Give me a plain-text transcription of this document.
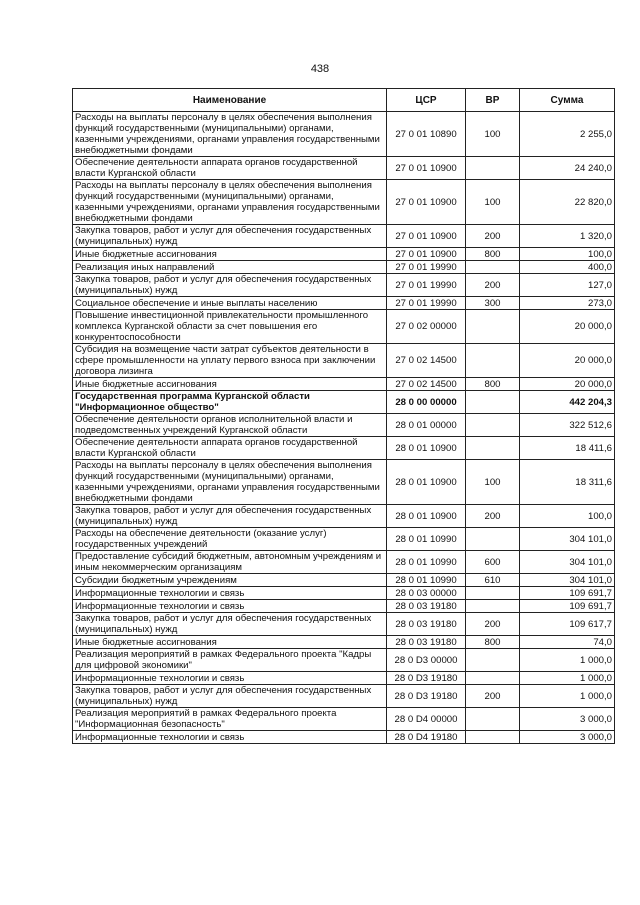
438
Наименование	ЦСР	ВР	Сумма
Расходы на выплаты персоналу в целях обеспечения выполнения функций государственными (муниципальными) органами, казенными учреждениями, органами управления государственными внебюджетными фондами	27 0 01 10890	100	2 255,0
Обеспечение деятельности аппарата органов государственной власти Курганской области	27 0 01 10900		24 240,0
Расходы на выплаты персоналу в целях обеспечения выполнения функций государственными (муниципальными) органами, казенными учреждениями, органами управления государственными внебюджетными фондами	27 0 01 10900	100	22 820,0
Закупка товаров, работ и услуг для обеспечения государственных (муниципальных) нужд	27 0 01 10900	200	1 320,0
Иные бюджетные ассигнования	27 0 01 10900	800	100,0
Реализация иных направлений	27 0 01 19990		400,0
Закупка товаров, работ и услуг для обеспечения государственных (муниципальных) нужд	27 0 01 19990	200	127,0
Социальное обеспечение и иные выплаты населению	27 0 01 19990	300	273,0
Повышение инвестиционной привлекательности промышленного комплекса Курганской области за счет повышения его конкурентоспособности	27 0 02 00000		20 000,0
Субсидия на возмещение части затрат субъектов деятельности в сфере промышленности на уплату первого взноса при заключении договора лизинга	27 0 02 14500		20 000,0
Иные бюджетные ассигнования	27 0 02 14500	800	20 000,0
Государственная программа Курганской области "Информационное общество"	28 0 00 00000		442 204,3
Обеспечение деятельности органов исполнительной власти и подведомственных учреждений Курганской области	28 0 01 00000		322 512,6
Обеспечение деятельности аппарата органов государственной власти Курганской области	28 0 01 10900		18 411,6
Расходы на выплаты персоналу в целях обеспечения выполнения функций государственными (муниципальными) органами, казенными учреждениями, органами управления государственными внебюджетными фондами	28 0 01 10900	100	18 311,6
Закупка товаров, работ и услуг для обеспечения государственных (муниципальных) нужд	28 0 01 10900	200	100,0
Расходы на обеспечение деятельности (оказание услуг) государственных учреждений	28 0 01 10990		304 101,0
Предоставление субсидий бюджетным, автономным учреждениям и иным некоммерческим организациям	28 0 01 10990	600	304 101,0
Субсидии бюджетным учреждениям	28 0 01 10990	610	304 101,0
Информационные технологии и связь	28 0 03 00000		109 691,7
Информационные технологии и связь	28 0 03 19180		109 691,7
Закупка товаров, работ и услуг для обеспечения государственных (муниципальных) нужд	28 0 03 19180	200	109 617,7
Иные бюджетные ассигнования	28 0 03 19180	800	74,0
Реализация мероприятий в рамках Федерального проекта "Кадры для цифровой экономики"	28 0 D3 00000		1 000,0
Информационные технологии и связь	28 0 D3 19180		1 000,0
Закупка товаров, работ и услуг для обеспечения государственных (муниципальных) нужд	28 0 D3 19180	200	1 000,0
Реализация мероприятий в рамках Федерального проекта "Информационная безопасность"	28 0 D4 00000		3 000,0
Информационные технологии и связь	28 0 D4 19180		3 000,0
